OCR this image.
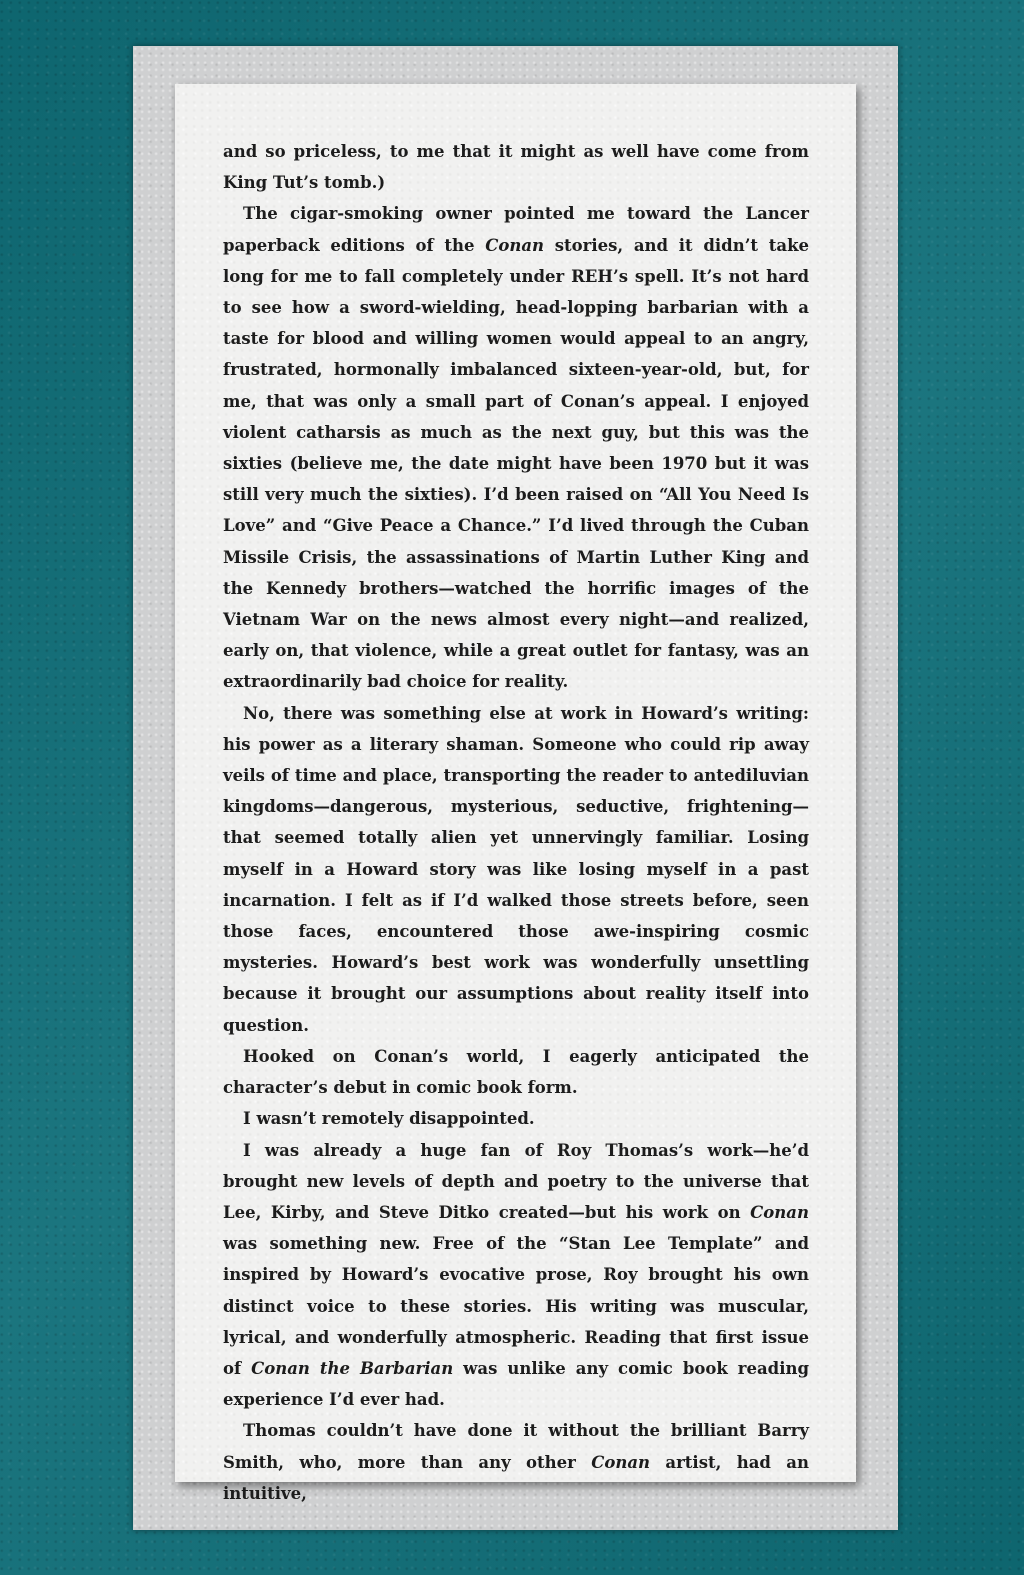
and so priceless, to me that it might as well have come from King Tut’s tomb.)

The cigar-smoking owner pointed me toward the Lancer paperback editions of the Conan stories, and it didn’t take long for me to fall completely under REH’s spell. It’s not hard to see how a sword-wielding, head-lopping barbarian with a taste for blood and willing women would appeal to an angry, frustrated, hormonally imbalanced sixteen-year-old, but, for me, that was only a small part of Conan’s appeal. I enjoyed violent catharsis as much as the next guy, but this was the sixties (believe me, the date might have been 1970 but it was still very much the sixties). I’d been raised on “All You Need Is Love” and “Give Peace a Chance.” I’d lived through the Cuban Missile Crisis, the assassinations of Martin Luther King and the Kennedy brothers—watched the horrific images of the Vietnam War on the news almost every night—and realized, early on, that violence, while a great outlet for fantasy, was an extraordinarily bad choice for reality.

No, there was something else at work in Howard’s writing: his power as a literary shaman. Someone who could rip away veils of time and place, transporting the reader to antediluvian kingdoms—dangerous, mysterious, seductive, frightening—that seemed totally alien yet unnervingly familiar. Losing myself in a Howard story was like losing myself in a past incarnation. I felt as if I’d walked those streets before, seen those faces, encountered those awe-inspiring cosmic mysteries. Howard’s best work was wonderfully unsettling because it brought our assumptions about reality itself into question.

Hooked on Conan’s world, I eagerly anticipated the character’s debut in comic book form.

I wasn’t remotely disappointed.

I was already a huge fan of Roy Thomas’s work—he’d brought new levels of depth and poetry to the universe that Lee, Kirby, and Steve Ditko created—but his work on Conan was something new. Free of the “Stan Lee Template” and inspired by Howard’s evocative prose, Roy brought his own distinct voice to these stories. His writing was muscular, lyrical, and wonderfully atmospheric. Reading that first issue of Conan the Barbarian was unlike any comic book reading experience I’d ever had.

Thomas couldn’t have done it without the brilliant Barry Smith, who, more than any other Conan artist, had an intuitive,
